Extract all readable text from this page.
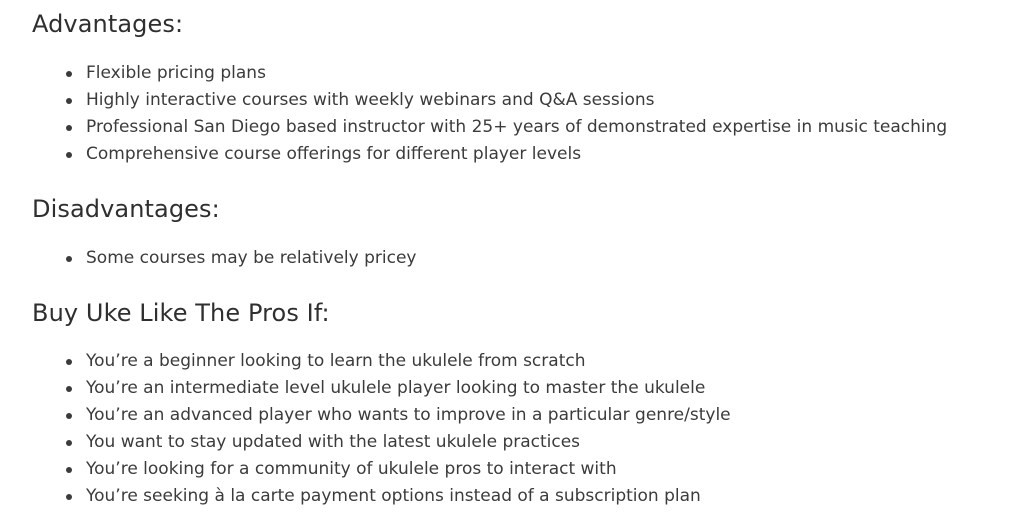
Advantages:
Flexible pricing plans
Highly interactive courses with weekly webinars and Q&A sessions
Professional San Diego based instructor with 25+ years of demonstrated expertise in music teaching
Comprehensive course offerings for different player levels
Disadvantages:
Some courses may be relatively pricey
Buy Uke Like The Pros If:
You’re a beginner looking to learn the ukulele from scratch
You’re an intermediate level ukulele player looking to master the ukulele
You’re an advanced player who wants to improve in a particular genre/style
You want to stay updated with the latest ukulele practices
You’re looking for a community of ukulele pros to interact with
You’re seeking à la carte payment options instead of a subscription plan
